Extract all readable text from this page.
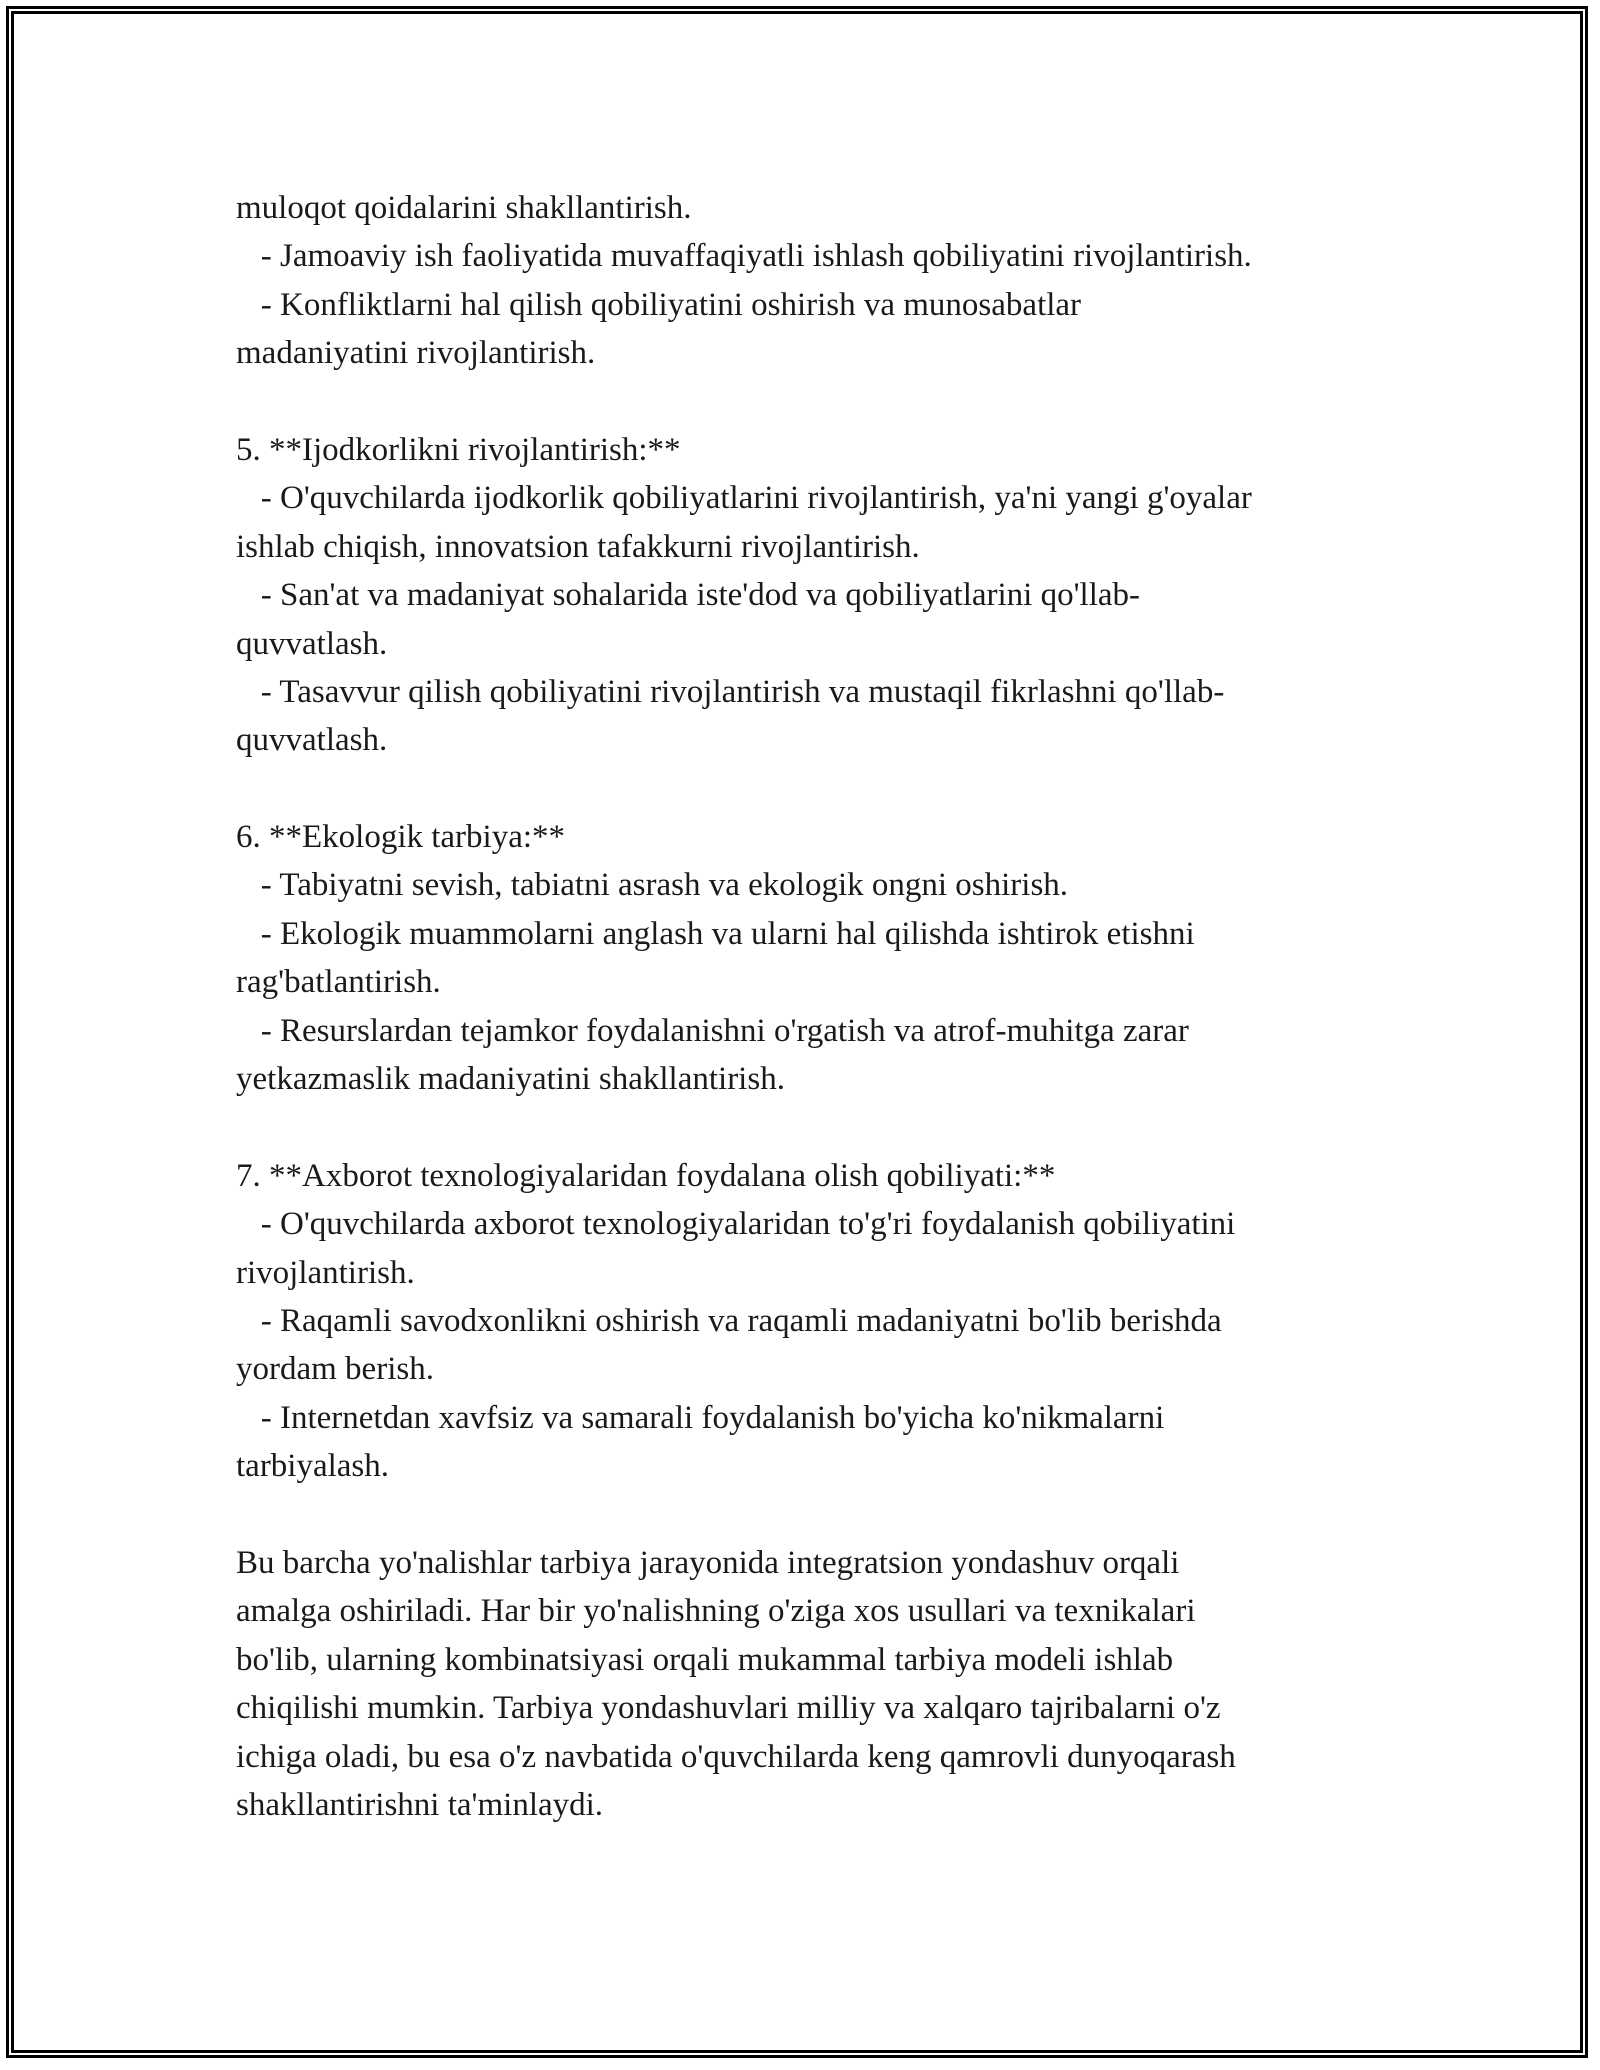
muloqot qoidalarini shakllantirish.

- Jamoaviy ish faoliyatida muvaffaqiyatli ishlash qobiliyatini rivojlantirish.

- Konfliktlarni hal qilish qobiliyatini oshirish va munosabatlar

madaniyatini rivojlantirish.

5. **Ijodkorlikni rivojlantirish:**

- O'quvchilarda ijodkorlik qobiliyatlarini rivojlantirish, ya'ni yangi g'oyalar

ishlab chiqish, innovatsion tafakkurni rivojlantirish.

- San'at va madaniyat sohalarida iste'dod va qobiliyatlarini qo'llab-

quvvatlash.

- Tasavvur qilish qobiliyatini rivojlantirish va mustaqil fikrlashni qo'llab-

quvvatlash.

6. **Ekologik tarbiya:**

- Tabiyatni sevish, tabiatni asrash va ekologik ongni oshirish.

- Ekologik muammolarni anglash va ularni hal qilishda ishtirok etishni

rag'batlantirish.

- Resurslardan tejamkor foydalanishni o'rgatish va atrof-muhitga zarar

yetkazmaslik madaniyatini shakllantirish.

7. **Axborot texnologiyalaridan foydalana olish qobiliyati:**

- O'quvchilarda axborot texnologiyalaridan to'g'ri foydalanish qobiliyatini

rivojlantirish.

- Raqamli savodxonlikni oshirish va raqamli madaniyatni bo'lib berishda

yordam berish.

- Internetdan xavfsiz va samarali foydalanish bo'yicha ko'nikmalarni

tarbiyalash.

Bu barcha yo'nalishlar tarbiya jarayonida integratsion yondashuv orqali

amalga oshiriladi. Har bir yo'nalishning o'ziga xos usullari va texnikalari

bo'lib, ularning kombinatsiyasi orqali mukammal tarbiya modeli ishlab

chiqilishi mumkin. Tarbiya yondashuvlari milliy va xalqaro tajribalarni o'z

ichiga oladi, bu esa o'z navbatida o'quvchilarda keng qamrovli dunyoqarash

shakllantirishni ta'minlaydi.
